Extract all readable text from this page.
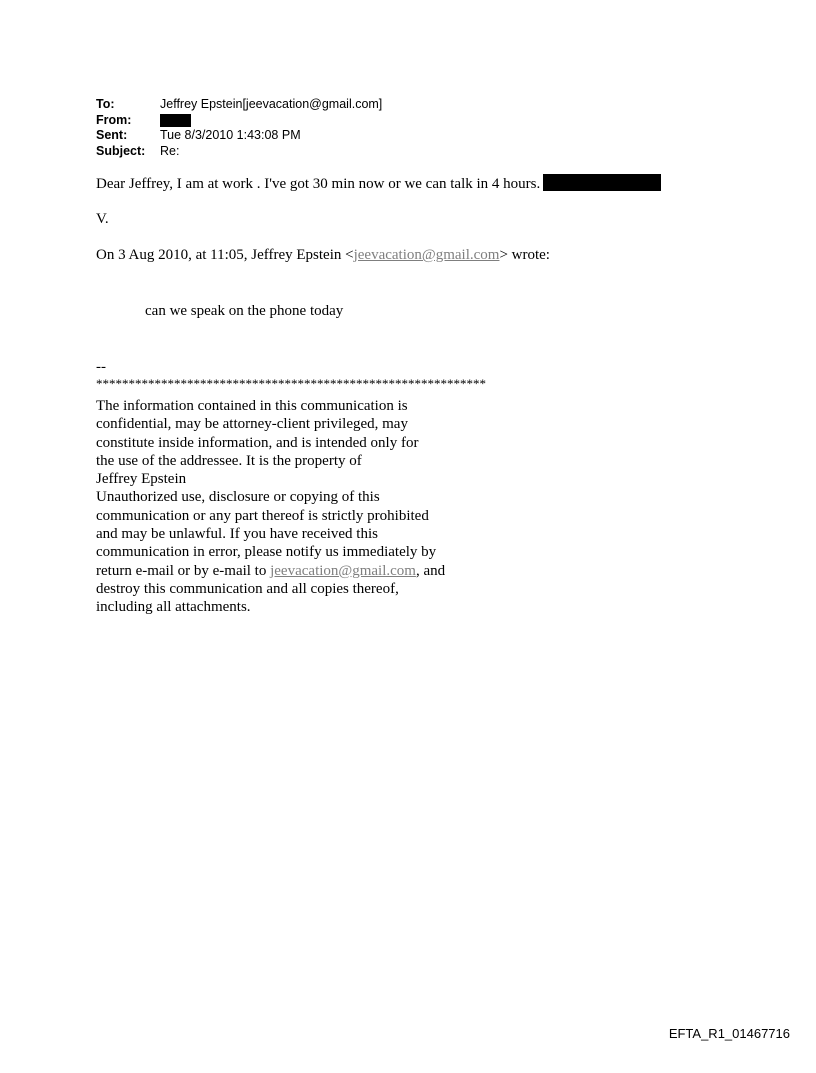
To:	Jeffrey Epstein[jeevacation@gmail.com]
From:
Sent:	Tue 8/3/2010 1:43:08 PM
Subject:	Re:
Dear Jeffrey, I am at work . I've got 30 min now or we can talk in 4 hours.
V.
On 3 Aug 2010, at 11:05, Jeffrey Epstein <jeevacation@gmail.com> wrote:
can we speak on the phone today
--
************************************************************
The information contained in this communication is
confidential, may be attorney-client privileged, may
constitute inside information, and is intended only for
the use of the addressee. It is the property of
Jeffrey Epstein
Unauthorized use, disclosure or copying of this
communication or any part thereof is strictly prohibited
and may be unlawful. If you have received this
communication in error, please notify us immediately by
return e-mail or by e-mail to jeevacation@gmail.com, and
destroy this communication and all copies thereof,
including all attachments.
EFTA_R1_01467716
